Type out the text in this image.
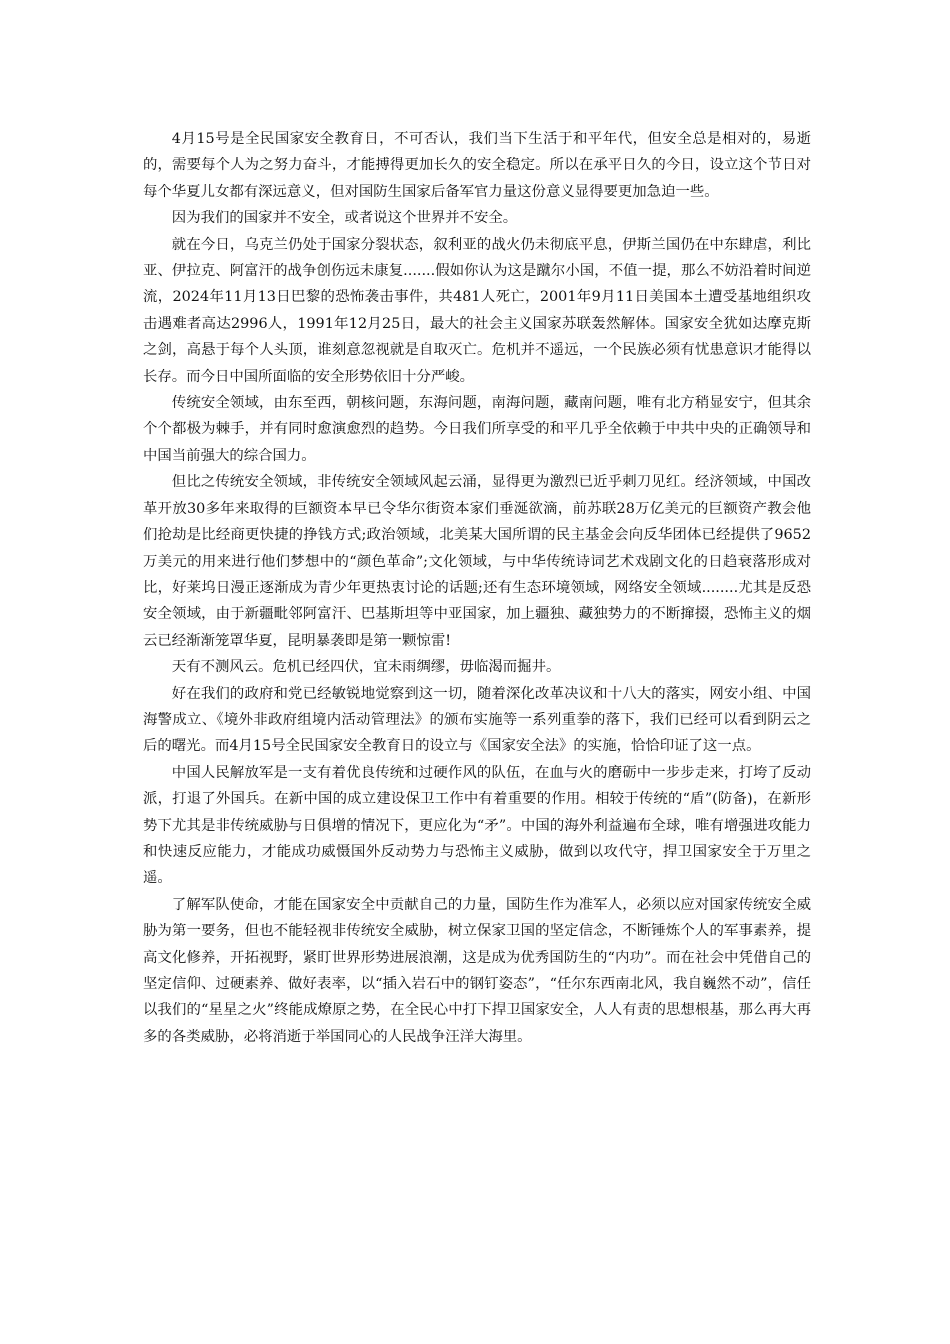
4月15号是全民国家安全教育日，不可否认，我们当下生活于和平年代，但安全总是相对的，易逝的，需要每个人为之努力奋斗，才能搏得更加长久的安全稳定。所以在承平日久的今日，设立这个节日对每个华夏儿女都有深远意义，但对国防生国家后备军官力量这份意义显得要更加急迫一些。

因为我们的国家并不安全，或者说这个世界并不安全。

就在今日，乌克兰仍处于国家分裂状态，叙利亚的战火仍未彻底平息，伊斯兰国仍在中东肆虐，利比亚、伊拉克、阿富汗的战争创伤远未康复.......假如你认为这是蹴尔小国，不值一提，那么不妨沿着时间逆流，2024年11月13日巴黎的恐怖袭击事件，共481人死亡，2001年9月11日美国本土遭受基地组织攻击遇难者高达2996人，1991年12月25日，最大的社会主义国家苏联轰然解体。国家安全犹如达摩克斯之剑，高悬于每个人头顶，谁刻意忽视就是自取灭亡。危机并不遥远，一个民族必须有忧患意识才能得以长存。而今日中国所面临的安全形势依旧十分严峻。

传统安全领域，由东至西，朝核问题，东海问题，南海问题，藏南问题，唯有北方稍显安宁，但其余个个都极为棘手，并有同时愈演愈烈的趋势。今日我们所享受的和平几乎全依赖于中共中央的正确领导和中国当前强大的综合国力。

但比之传统安全领域，非传统安全领域风起云涌，显得更为激烈已近乎刺刀见红。经济领域，中国改革开放30多年来取得的巨额资本早已令华尔街资本家们垂涎欲滴，前苏联28万亿美元的巨额资产教会他们抢劫是比经商更快捷的挣钱方式;政治领域，北美某大国所谓的民主基金会向反华团体已经提供了9652万美元的用来进行他们梦想中的“颜色革命”;文化领域，与中华传统诗词艺术戏剧文化的日趋衰落形成对比，好莱坞日漫正逐渐成为青少年更热衷讨论的话题;还有生态环境领域，网络安全领域........尤其是反恐安全领域，由于新疆毗邻阿富汗、巴基斯坦等中亚国家，加上疆独、藏独势力的不断撺掇，恐怖主义的烟云已经渐渐笼罩华夏，昆明暴袭即是第一颗惊雷!

天有不测风云。危机已经四伏，宜未雨绸缪，毋临渴而掘井。

好在我们的政府和党已经敏锐地觉察到这一切，随着深化改革决议和十八大的落实，网安小组、中国海警成立、《境外非政府组境内活动管理法》的颁布实施等一系列重拳的落下，我们已经可以看到阴云之后的曙光。而4月15号全民国家安全教育日的设立与《国家安全法》的实施，恰恰印证了这一点。

中国人民解放军是一支有着优良传统和过硬作风的队伍，在血与火的磨砺中一步步走来，打垮了反动派，打退了外国兵。在新中国的成立建设保卫工作中有着重要的作用。相较于传统的“盾”(防备)，在新形势下尤其是非传统威胁与日俱增的情况下，更应化为“矛”。中国的海外利益遍布全球，唯有增强进攻能力和快速反应能力，才能成功威慑国外反动势力与恐怖主义威胁，做到以攻代守，捍卫国家安全于万里之遥。

了解军队使命，才能在国家安全中贡献自己的力量，国防生作为准军人，必须以应对国家传统安全威胁为第一要务，但也不能轻视非传统安全威胁，树立保家卫国的坚定信念，不断锤炼个人的军事素养，提高文化修养，开拓视野，紧盯世界形势进展浪潮，这是成为优秀国防生的“内功”。而在社会中凭借自己的坚定信仰、过硬素养、做好表率，以“插入岩石中的钢钉姿态”，“任尔东西南北风，我自巍然不动”，信任以我们的“星星之火”终能成燎原之势，在全民心中打下捍卫国家安全，人人有责的思想根基，那么再大再多的各类威胁，必将消逝于举国同心的人民战争汪洋大海里。
